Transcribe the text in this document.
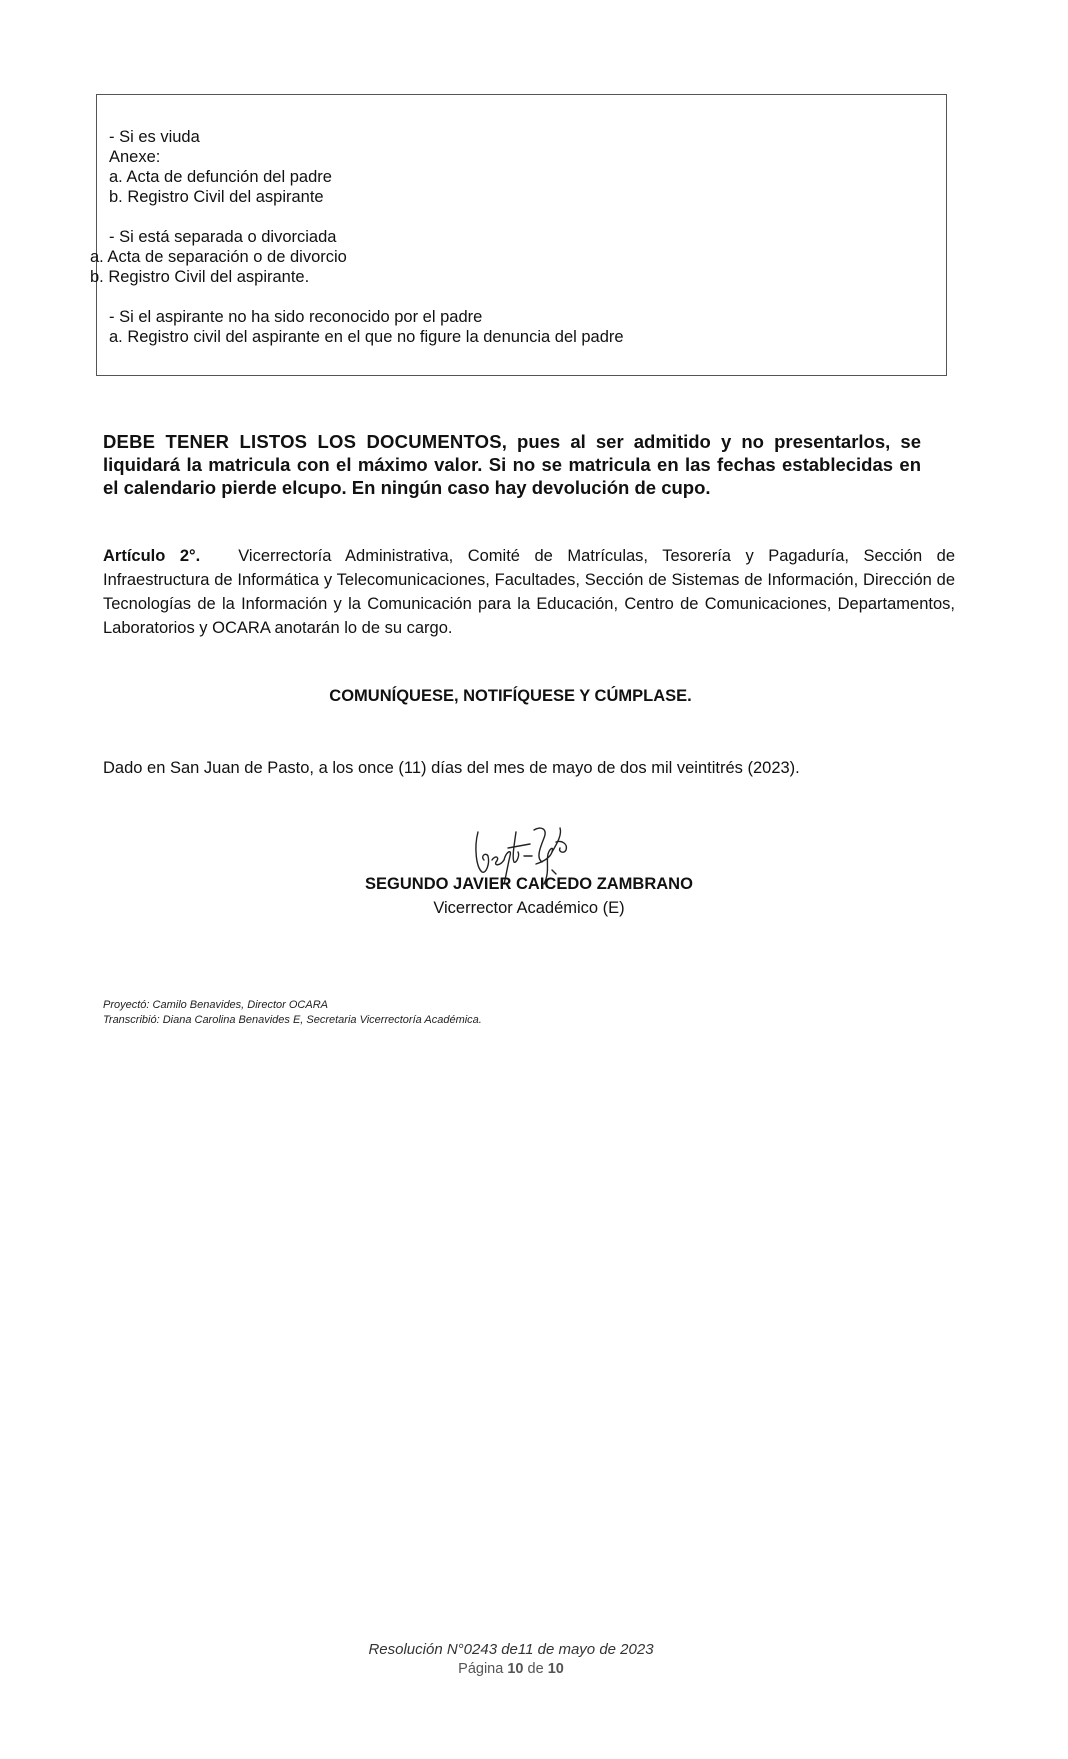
- Si es viuda
Anexe:
a. Acta de defunción del padre
b. Registro Civil del aspirante
- Si está separada o divorciada
a. Acta de separación o de divorcio
b. Registro Civil del aspirante.
- Si el aspirante no ha sido reconocido por el padre
a. Registro civil del aspirante en el que no figure la denuncia del padre
DEBE TENER LISTOS LOS DOCUMENTOS, pues al ser admitido y no presentarlos, se liquidará la matricula con el máximo valor. Si no se matricula en las fechas establecidas en el calendario pierde elcupo. En ningún caso hay devolución de cupo.
Artículo 2°. Vicerrectoría Administrativa, Comité de Matrículas, Tesorería y Pagaduría, Sección de Infraestructura de Informática y Telecomunicaciones, Facultades, Sección de Sistemas de Información, Dirección de Tecnologías de la Información y la Comunicación para la Educación, Centro de Comunicaciones, Departamentos, Laboratorios y OCARA anotarán lo de su cargo.
COMUNÍQUESE, NOTIFÍQUESE Y CÚMPLASE.
Dado en San Juan de Pasto, a los once (11) días del mes de mayo de dos mil veintitrés (2023).
SEGUNDO JAVIER CAICEDO ZAMBRANO
Vicerrector Académico (E)
Proyectó: Camilo Benavides, Director OCARA
Transcribió: Diana Carolina Benavides E, Secretaria Vicerrectoría Académica.
Resolución N°0243 de11 de mayo de 2023
Página 10 de 10
